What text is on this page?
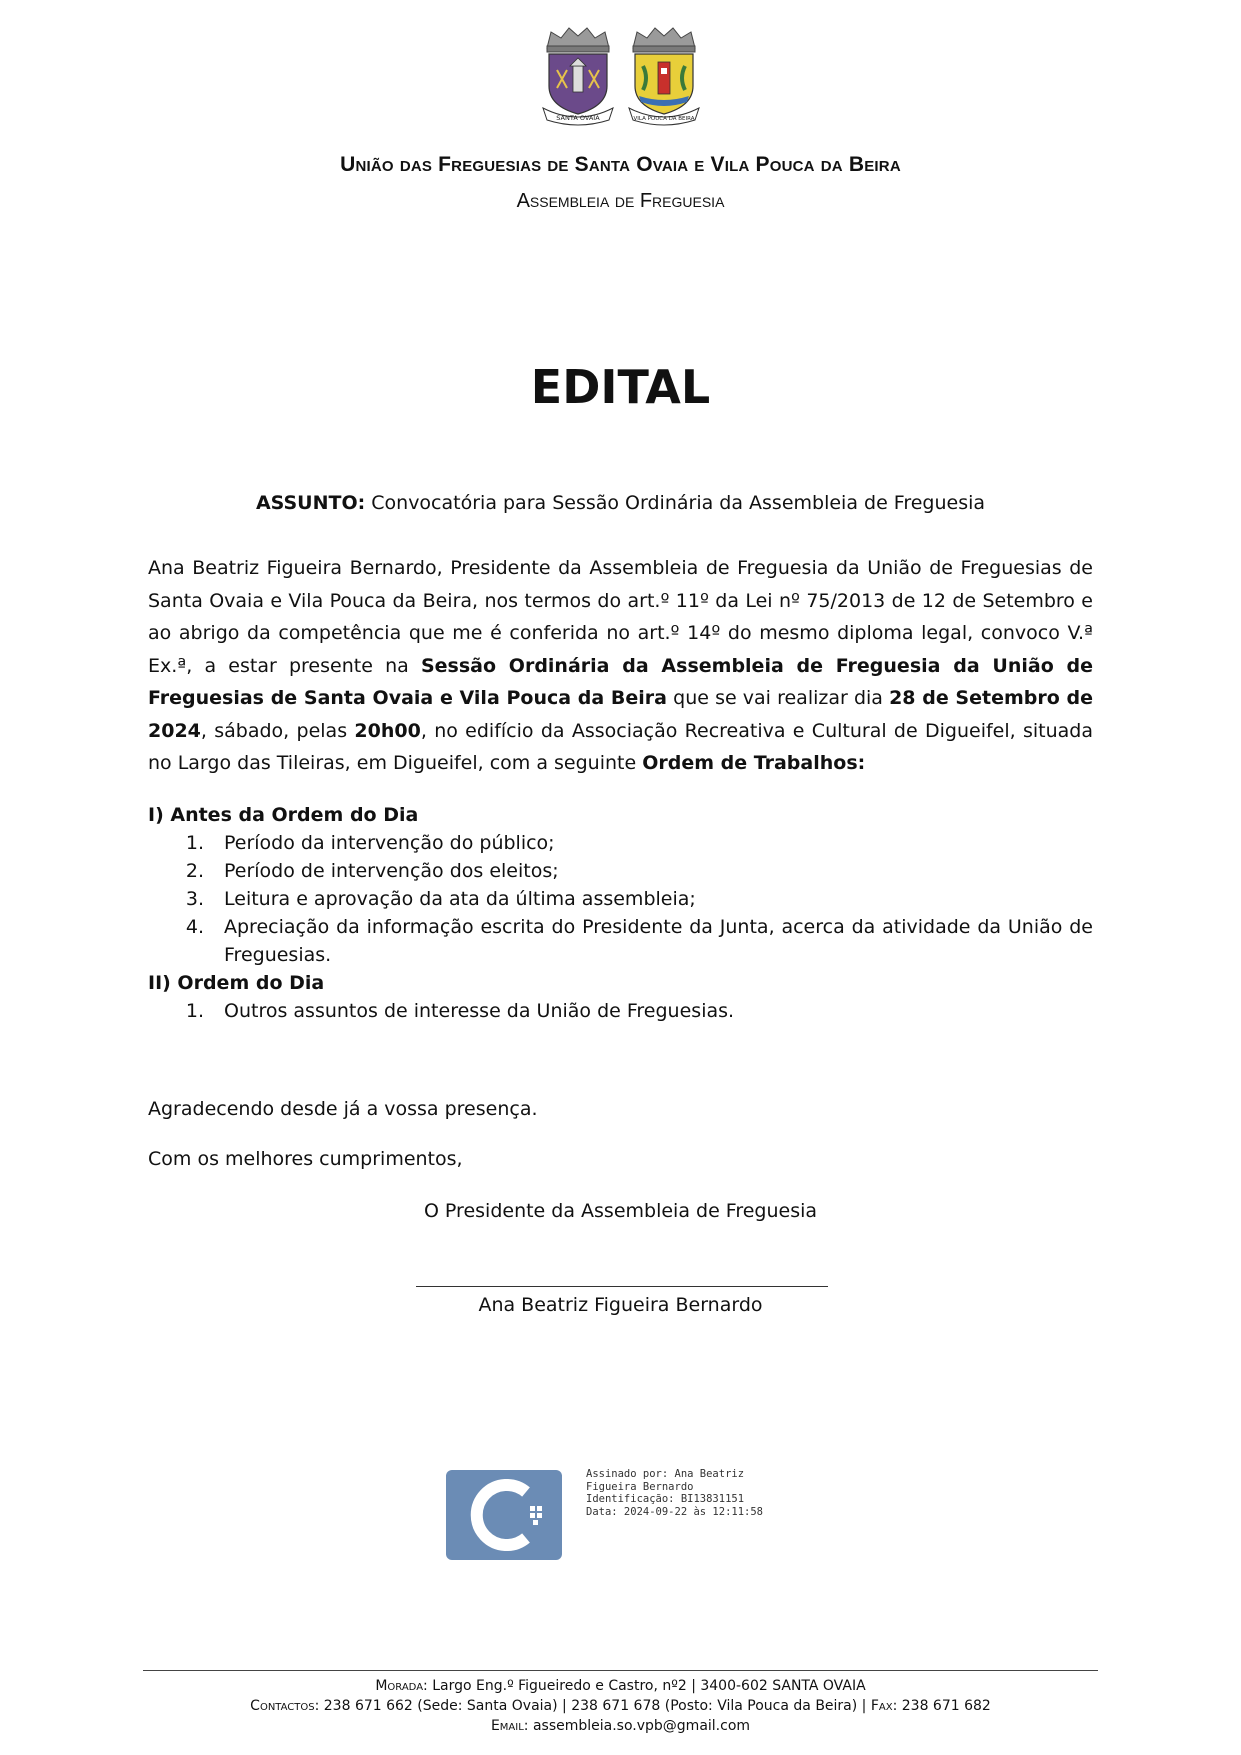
SANTA OVAIA	VILA POUCA DA BEIRA
União das Freguesias de Santa Ovaia e Vila Pouca da Beira
Assembleia de Freguesia
EDITAL
ASSUNTO: Convocatória para Sessão Ordinária da Assembleia de Freguesia
Ana Beatriz Figueira Bernardo, Presidente da Assembleia de Freguesia da União de Freguesias de Santa Ovaia e Vila Pouca da Beira, nos termos do art.º 11º da Lei nº 75/2013 de 12 de Setembro e ao abrigo da competência que me é conferida no art.º 14º do mesmo diploma legal, convoco V.ª Ex.ª, a estar presente na Sessão Ordinária da Assembleia de Freguesia da União de Freguesias de Santa Ovaia e Vila Pouca da Beira que se vai realizar dia 28 de Setembro de 2024, sábado, pelas 20h00, no edifício da Associação Recreativa e Cultural de Digueifel, situada no Largo das Tileiras, em Digueifel, com a seguinte Ordem de Trabalhos:
I) Antes da Ordem do Dia
1.	Período da intervenção do público;
2.	Período de intervenção dos eleitos;
3.	Leitura e aprovação da ata da última assembleia;
4.	Apreciação da informação escrita do Presidente da Junta, acerca da atividade da União de Freguesias.
II) Ordem do Dia
1.	Outros assuntos de interesse da União de Freguesias.
Agradecendo desde já a vossa presença.
Com os melhores cumprimentos,
O Presidente da Assembleia de Freguesia
Ana Beatriz Figueira Bernardo
Assinado por: Ana Beatriz
Figueira Bernardo
Identificação: BI13831151
Data: 2024-09-22 às 12:11:58
Morada: Largo Eng.º Figueiredo e Castro, nº2 | 3400-602 SANTA OVAIA
Contactos: 238 671 662 (Sede: Santa Ovaia) | 238 671 678 (Posto: Vila Pouca da Beira) | Fax: 238 671 682
Email: assembleia.so.vpb@gmail.com
